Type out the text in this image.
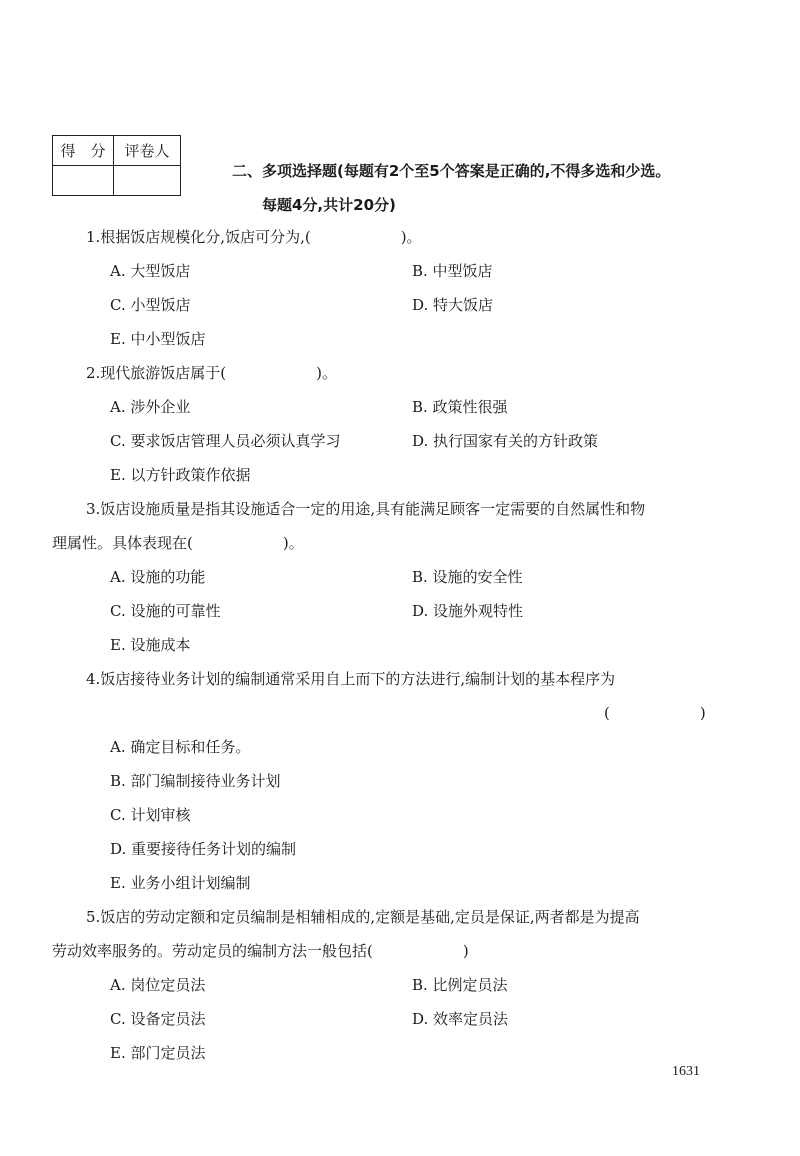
得　分	评卷人

二、多项选择题(每题有2个至5个答案是正确的,不得多选和少选。
每题4分,共计20分)
1.根据饭店规模化分,饭店可分为,(　　　　　　)。
A. 大型饭店	B. 中型饭店
C. 小型饭店	D. 特大饭店
E. 中小型饭店
2.现代旅游饭店属于(　　　　　　)。
A. 涉外企业	B. 政策性很强
C. 要求饭店管理人员必须认真学习	D. 执行国家有关的方针政策
E. 以方针政策作依据
3.饭店设施质量是指其设施适合一定的用途,具有能满足顾客一定需要的自然属性和物
理属性。具体表现在(　　　　　　)。
A. 设施的功能	B. 设施的安全性
C. 设施的可靠性	D. 设施外观特性
E. 设施成本
4.饭店接待业务计划的编制通常采用自上而下的方法进行,编制计划的基本程序为
(　　　　　　)
A. 确定目标和任务。
B. 部门编制接待业务计划
C. 计划审核
D. 重要接待任务计划的编制
E. 业务小组计划编制
5.饭店的劳动定额和定员编制是相辅相成的,定额是基础,定员是保证,两者都是为提高
劳动效率服务的。劳动定员的编制方法一般包括(　　　　　　)
A. 岗位定员法	B. 比例定员法
C. 设备定员法	D. 效率定员法
E. 部门定员法
1631
